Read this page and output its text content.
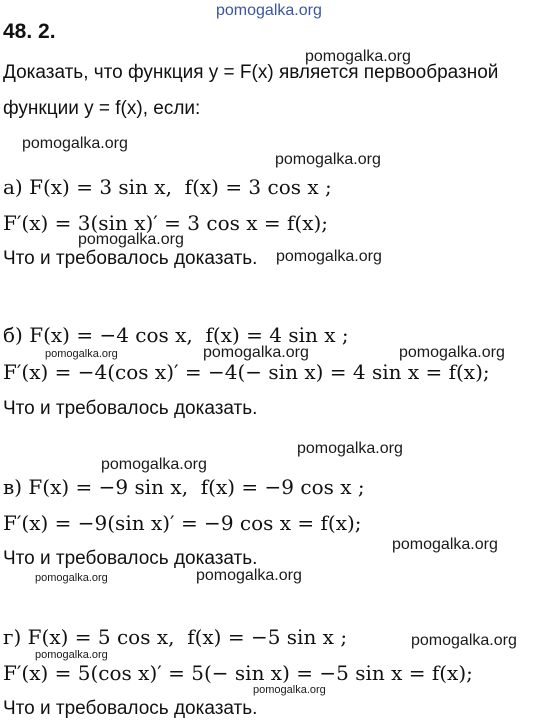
pomogalka.org
pomogalka.org
pomogalka.org
pomogalka.org
pomogalka.org
pomogalka.org
pomogalka.org	pomogalka.org	pomogalka.org
pomogalka.org
pomogalka.org
pomogalka.org
pomogalka.org	pomogalka.org
pomogalka.org
pomogalka.org
pomogalka.org
48. 2.
Доказать, что функция y = F(x) является первообразной
функции y = f(x), если:
а) F(x) = 3 sin x,  f(x) = 3 cos x ;
F′(x) = 3(sin x)′ = 3 cos x = f(x);
Что и требовалось доказать.
б) F(x) = −4 cos x,  f(x) = 4 sin x ;
F′(x) = −4(cos x)′ = −4(− sin x) = 4 sin x = f(x);
Что и требовалось доказать.
в) F(x) = −9 sin x,  f(x) = −9 cos x ;
F′(x) = −9(sin x)′ = −9 cos x = f(x);
Что и требовалось доказать.
г) F(x) = 5 cos x,  f(x) = −5 sin x ;
F′(x) = 5(cos x)′ = 5(− sin x) = −5 sin x = f(x);
Что и требовалось доказать.
